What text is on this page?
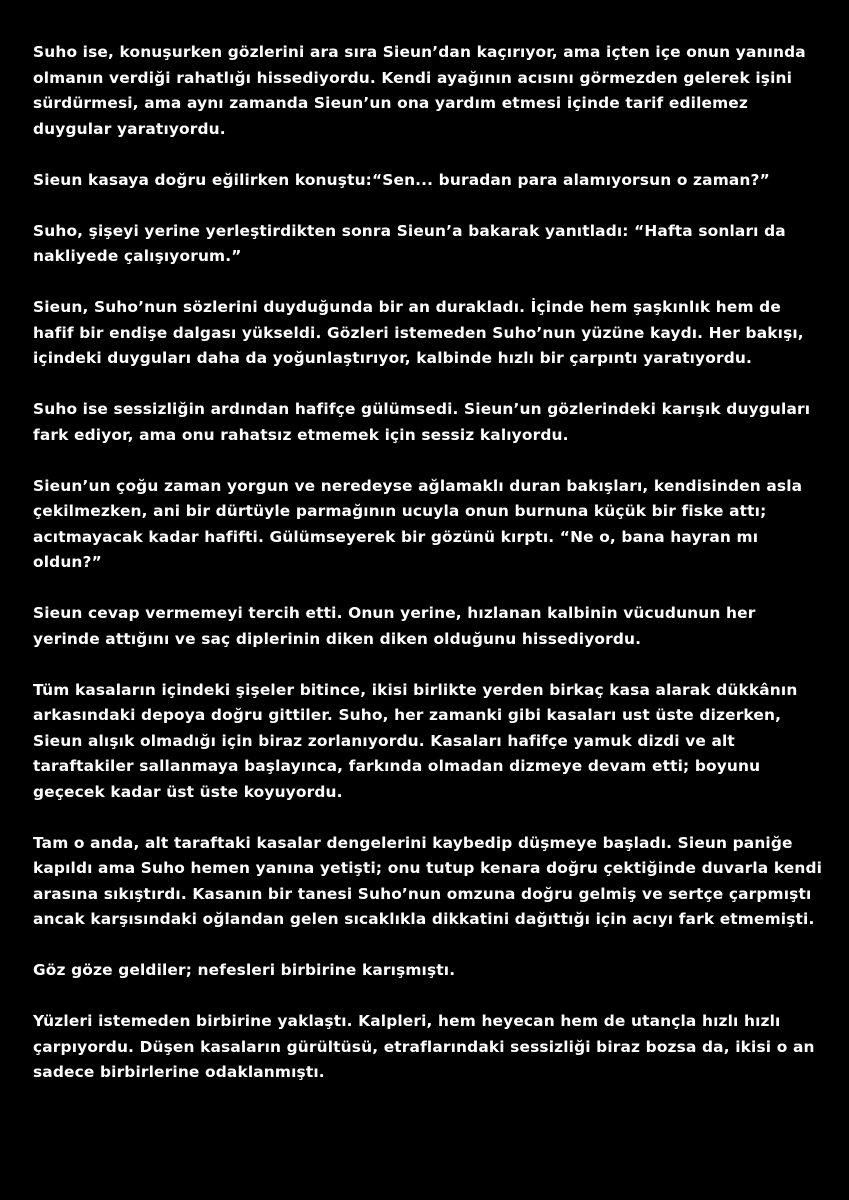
Suho ise, konuşurken gözlerini ara sıra Sieun’dan kaçırıyor, ama içten içe onun yanında
olmanın verdiği rahatlığı hissediyordu. Kendi ayağının acısını görmezden gelerek işini
sürdürmesi, ama aynı zamanda Sieun’un ona yardım etmesi içinde tarif edilemez
duygular yaratıyordu.

Sieun kasaya doğru eğilirken konuştu:“Sen... buradan para alamıyorsun o zaman?”

Suho, şişeyi yerine yerleştirdikten sonra Sieun’a bakarak yanıtladı: “Hafta sonları da
nakliyede çalışıyorum.”

Sieun, Suho’nun sözlerini duyduğunda bir an durakladı. İçinde hem şaşkınlık hem de
hafif bir endişe dalgası yükseldi. Gözleri istemeden Suho’nun yüzüne kaydı. Her bakışı,
içindeki duyguları daha da yoğunlaştırıyor, kalbinde hızlı bir çarpıntı yaratıyordu.

Suho ise sessizliğin ardından hafifçe gülümsedi. Sieun’un gözlerindeki karışık duyguları
fark ediyor, ama onu rahatsız etmemek için sessiz kalıyordu.

Sieun’un çoğu zaman yorgun ve neredeyse ağlamaklı duran bakışları, kendisinden asla
çekilmezken, ani bir dürtüyle parmağının ucuyla onun burnuna küçük bir fiske attı;
acıtmayacak kadar hafifti. Gülümseyerek bir gözünü kırptı. “Ne o, bana hayran mı
oldun?”

Sieun cevap vermemeyi tercih etti. Onun yerine, hızlanan kalbinin vücudunun her
yerinde attığını ve saç diplerinin diken diken olduğunu hissediyordu.

Tüm kasaların içindeki şişeler bitince, ikisi birlikte yerden birkaç kasa alarak dükkânın
arkasındaki depoya doğru gittiler. Suho, her zamanki gibi kasaları ust üste dizerken,
Sieun alışık olmadığı için biraz zorlanıyordu. Kasaları hafifçe yamuk dizdi ve alt
taraftakiler sallanmaya başlayınca, farkında olmadan dizmeye devam etti; boyunu
geçecek kadar üst üste koyuyordu.

Tam o anda, alt taraftaki kasalar dengelerini kaybedip düşmeye başladı. Sieun paniğe
kapıldı ama Suho hemen yanına yetişti; onu tutup kenara doğru çektiğinde duvarla kendi
arasına sıkıştırdı. Kasanın bir tanesi Suho’nun omzuna doğru gelmiş ve sertçe çarpmıştı
ancak karşısındaki oğlandan gelen sıcaklıkla dikkatini dağıttığı için acıyı fark etmemişti.

Göz göze geldiler; nefesleri birbirine karışmıştı.

Yüzleri istemeden birbirine yaklaştı. Kalpleri, hem heyecan hem de utançla hızlı hızlı
çarpıyordu. Düşen kasaların gürültüsü, etraflarındaki sessizliği biraz bozsa da, ikisi o an
sadece birbirlerine odaklanmıştı.
